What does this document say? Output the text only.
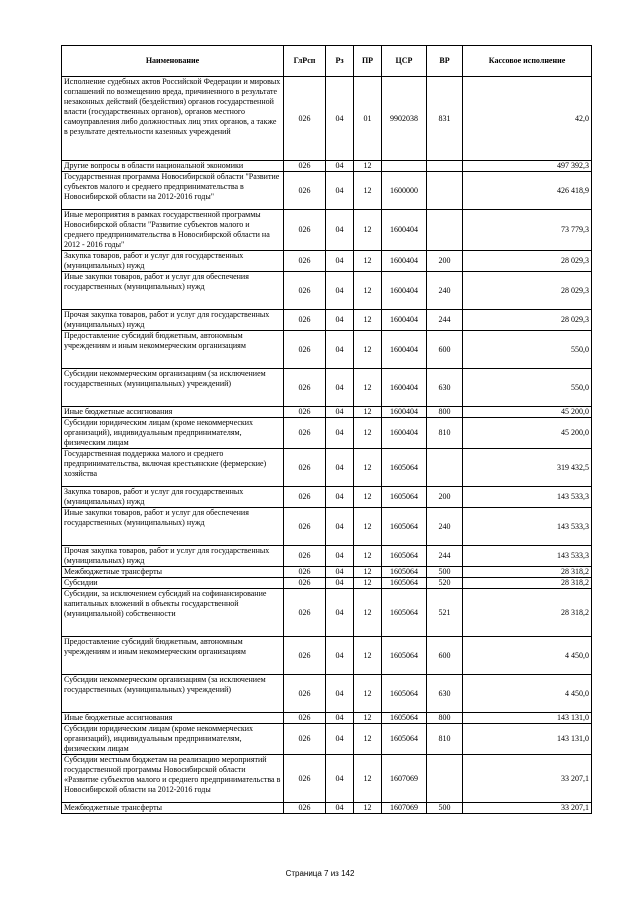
Наименование	ГлРсп	Рз	ПР	ЦСР	ВР	Кассовое исполнение
Исполнение судебных актов Российской Федерации и мировых соглашений по возмещению вреда, причиненного в результате незаконных действий (бездействия) органов государственной власти (государственных органов), органов местного самоуправления либо должностных лиц этих органов, а также в результате деятельности казенных учреждений	026	04	01	9902038	831	42,0
Другие вопросы в области национальной экономики	026	04	12			497 392,3
Государственная программа Новосибирской области "Развитие субъектов малого и среднего предпринимательства в Новосибирской области на 2012-2016 годы"	026	04	12	1600000		426 418,9
Иные мероприятия в рамках государственной программы Новосибирской области "Развитие субъектов малого и среднего предпринимательства в Новосибирской области на 2012 - 2016 годы"	026	04	12	1600404		73 779,3
Закупка товаров, работ и услуг для государственных (муниципальных) нужд	026	04	12	1600404	200	28 029,3
Иные закупки товаров, работ и услуг для обеспечения государственных (муниципальных) нужд	026	04	12	1600404	240	28 029,3
Прочая закупка товаров, работ и услуг для государственных (муниципальных) нужд	026	04	12	1600404	244	28 029,3
Предоставление субсидий бюджетным, автономным учреждениям и иным некоммерческим организациям	026	04	12	1600404	600	550,0
Субсидии некоммерческим организациям (за исключением государственных (муниципальных) учреждений)	026	04	12	1600404	630	550,0
Иные бюджетные ассигнования	026	04	12	1600404	800	45 200,0
Субсидии юридическим лицам (кроме некоммерческих организаций), индивидуальным предпринимателям, физическим лицам	026	04	12	1600404	810	45 200,0
Государственная поддержка малого и среднего предпринимательства, включая крестьянские (фермерские) хозяйства	026	04	12	1605064		319 432,5
Закупка товаров, работ и услуг для государственных (муниципальных) нужд	026	04	12	1605064	200	143 533,3
Иные закупки товаров, работ и услуг для обеспечения государственных (муниципальных) нужд	026	04	12	1605064	240	143 533,3
Прочая закупка товаров, работ и услуг для государственных (муниципальных) нужд	026	04	12	1605064	244	143 533,3
Межбюджетные трансферты	026	04	12	1605064	500	28 318,2
Субсидии	026	04	12	1605064	520	28 318,2
Субсидии, за исключением субсидий на софинансирование капитальных вложений в объекты государственной (муниципальной) собственности	026	04	12	1605064	521	28 318,2
Предоставление субсидий бюджетным, автономным учреждениям и иным некоммерческим организациям	026	04	12	1605064	600	4 450,0
Субсидии некоммерческим организациям (за исключением государственных (муниципальных) учреждений)	026	04	12	1605064	630	4 450,0
Иные бюджетные ассигнования	026	04	12	1605064	800	143 131,0
Субсидии юридическим лицам (кроме некоммерческих организаций), индивидуальным предпринимателям, физическим лицам	026	04	12	1605064	810	143 131,0
Субсидии местным бюджетам на реализацию мероприятий государственной программы Новосибирской области «Развитие субъектов малого и среднего предпринимательства в Новосибирской области на 2012-2016 годы	026	04	12	1607069		33 207,1
Межбюджетные трансферты	026	04	12	1607069	500	33 207,1
Страница 7 из 142
